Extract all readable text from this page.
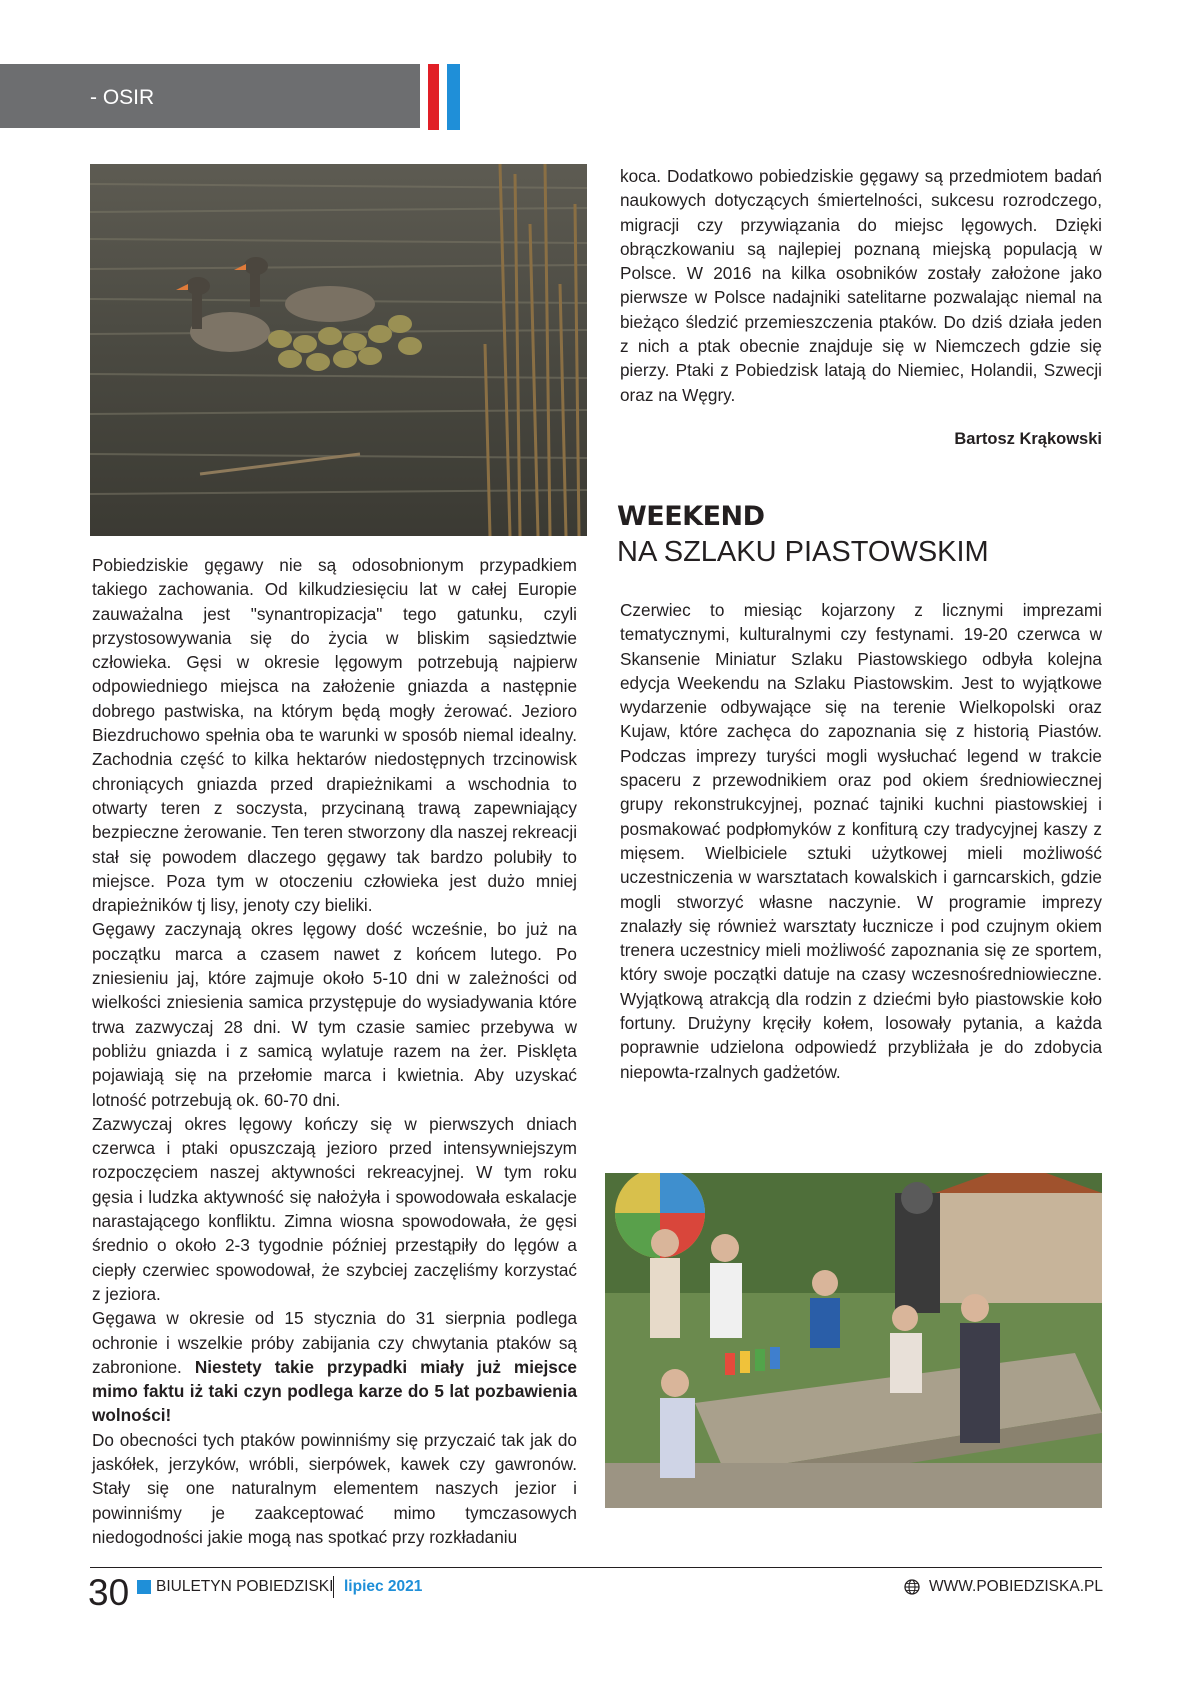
- OSIR

Pobiedziskie gęgawy nie są odosobnionym przypadkiem takiego zachowania. Od kilkudziesięciu lat w całej Europie zauważalna jest "synantropizacja" tego gatunku, czyli przystosowywania się do życia w bliskim sąsiedztwie człowieka. Gęsi w okresie lęgowym potrzebują najpierw odpowiedniego miejsca na założenie gniazda a następnie dobrego pastwiska, na którym będą mogły żerować. Jezioro Biezdruchowo spełnia oba te warunki w sposób niemal idealny. Zachodnia część to kilka hektarów niedostępnych trzcinowisk chroniących gniazda przed drapieżnikami a wschodnia to otwarty teren z soczysta, przycinaną trawą zapewniający bezpieczne żerowanie. Ten teren stworzony dla naszej rekreacji stał się powodem dlaczego gęgawy tak bardzo polubiły to miejsce. Poza tym w otoczeniu człowieka jest dużo mniej drapieżników tj lisy, jenoty czy bieliki.

Gęgawy zaczynają okres lęgowy dość wcześnie, bo już na początku marca a czasem nawet z końcem lutego. Po zniesieniu jaj, które zajmuje około 5-10 dni w zależności od wielkości zniesienia samica przystępuje do wysiadywania które trwa zazwyczaj 28 dni. W tym czasie samiec przebywa w pobliżu gniazda i z samicą wylatuje razem na żer. Pisklęta pojawiają się na przełomie marca i kwietnia. Aby uzyskać lotność potrzebują ok. 60-70 dni.

Zazwyczaj okres lęgowy kończy się w pierwszych dniach czerwca i ptaki opuszczają jezioro przed intensywniejszym rozpoczęciem naszej aktywności rekreacyjnej. W tym roku gęsia i ludzka aktywność się nałożyła i spowodowała eskalacje narastającego konfliktu. Zimna wiosna spowodowała, że gęsi średnio o około 2-3 tygodnie później przestąpiły do lęgów a ciepły czerwiec spowodował, że szybciej zaczęliśmy korzystać z jeziora.

Gęgawa w okresie od 15 stycznia do 31 sierpnia podlega ochronie i wszelkie próby zabijania czy chwytania ptaków są zabronione. Niestety takie przypadki miały już miejsce mimo faktu iż taki czyn podlega karze do 5 lat pozbawienia wolności!

Do obecności tych ptaków powinniśmy się przyczaić tak jak do jaskółek, jerzyków, wróbli, sierpówek, kawek czy gawronów. Stały się one naturalnym elementem naszych jezior i powinniśmy je zaakceptować mimo tymczasowych niedogodności jakie mogą nas spotkać przy rozkładaniu

koca. Dodatkowo pobiedziskie gęgawy są przedmiotem badań naukowych dotyczących śmiertelności, sukcesu rozrodczego, migracji czy przywiązania do miejsc lęgowych. Dzięki obrączkowaniu są najlepiej poznaną miejską populacją w Polsce. W 2016 na kilka osobników zostały założone jako pierwsze w Polsce nadajniki satelitarne pozwalając niemal na bieżąco śledzić przemieszczenia ptaków. Do dziś działa jeden z nich a ptak obecnie znajduje się w Niemczech gdzie się pierzy. Ptaki z Pobiedzisk latają do Niemiec, Holandii, Szwecji oraz na Węgry.

Bartosz Krąkowski
WEEKEND
NA SZLAKU PIASTOWSKIM

Czerwiec to miesiąc kojarzony z licznymi imprezami tematycznymi, kulturalnymi czy festynami. 19-20 czerwca w Skansenie Miniatur Szlaku Piastowskiego odbyła kolejna edycja Weekendu na Szlaku Piastowskim. Jest to wyjątkowe wydarzenie odbywające się na terenie Wielkopolski oraz Kujaw, które zachęca do zapoznania się z historią Piastów. Podczas imprezy turyści mogli wysłuchać legend w trakcie spaceru z przewodnikiem oraz pod okiem średniowiecznej grupy rekonstrukcyjnej, poznać tajniki kuchni piastowskiej i posmakować podpłomyków z konfiturą czy tradycyjnej kaszy z mięsem. Wielbiciele sztuki użytkowej mieli możliwość uczestniczenia w warsztatach kowalskich i garncarskich, gdzie mogli stworzyć własne naczynie. W programie imprezy znalazły się również warsztaty łucznicze i pod czujnym okiem trenera uczestnicy mieli możliwość zapoznania się ze sportem, który swoje początki datuje na czasy wczesnośredniowieczne. Wyjątkową atrakcją dla rodzin z dziećmi było piastowskie koło fortuny. Drużyny kręciły kołem, losowały pytania, a każda poprawnie udzielona odpowiedź przybliżała je do zdobycia niepowta-rzalnych gadżetów.

30 BIULETYN POBIEDZISKI lipiec 2021	WWW.POBIEDZISKA.PL
